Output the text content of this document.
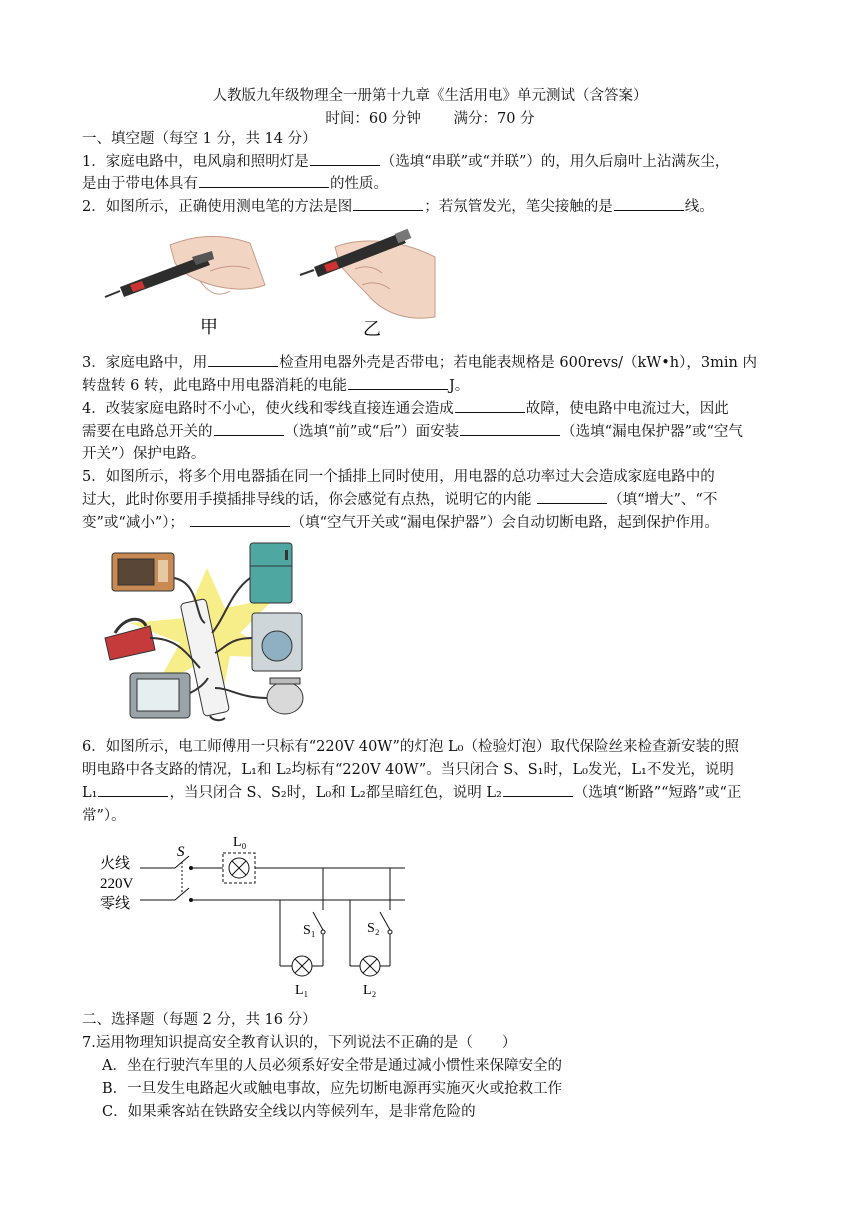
人教版九年级物理全一册第十九章《生活用电》单元测试（含答案）
时间：60 分钟 满分：70 分
一、填空题（每空 1 分，共 14 分）
1．家庭电路中，电风扇和照明灯是	（选填“串联”或“并联”）的，用久后扇叶上沾满灰尘，
是由于带电体具有	的性质。
2．如图所示，正确使用测电笔的方法是图	；若氖管发光，笔尖接触的是	线。
甲	乙
3．家庭电路中，用	检查用电器外壳是否带电；若电能表规格是 600revs/（kW•h），3min 内
转盘转 6 转，此电路中用电器消耗的电能	J。
4．改装家庭电路时不小心，使火线和零线直接连通会造成	故障，使电路中电流过大，因此
需要在电路总开关的	（选填“前”或“后”）面安装	（选填“漏电保护器”或“空气
开关”）保护电路。
5．如图所示，将多个用电器插在同一个插排上同时使用，用电器的总功率过大会造成家庭电路中的
过大，此时你要用手摸插排导线的话，你会感觉有点热，说明它的内能	（填“增大”、“不
变”或“减小”）；	（填“空气开关或“漏电保护器”）会自动切断电路，起到保护作用。
6．如图所示，电工师傅用一只标有“220V 40W”的灯泡 L₀（检验灯泡）取代保险丝来检查新安装的照
明电路中各支路的情况，L₁和 L₂均标有“220V 40W”。当只闭合 S、S₁时，L₀发光，L₁不发光，说明
L₁	，当只闭合 S、S₂时，L₀和 L₂都呈暗红色，说明 L₂	（选填“断路”“短路”或“正
常”）。
火线
220V
零线
S
L₀
S₁
L₁
S₂
L₂
二、选择题（每题 2 分，共 16 分）
7.运用物理知识提高安全教育认识的，下列说法不正确的是（　　）
A．坐在行驶汽车里的人员必须系好安全带是通过减小惯性来保障安全的
B．一旦发生电路起火或触电事故，应先切断电源再实施灭火或抢救工作
C．如果乘客站在铁路安全线以内等候列车，是非常危险的
